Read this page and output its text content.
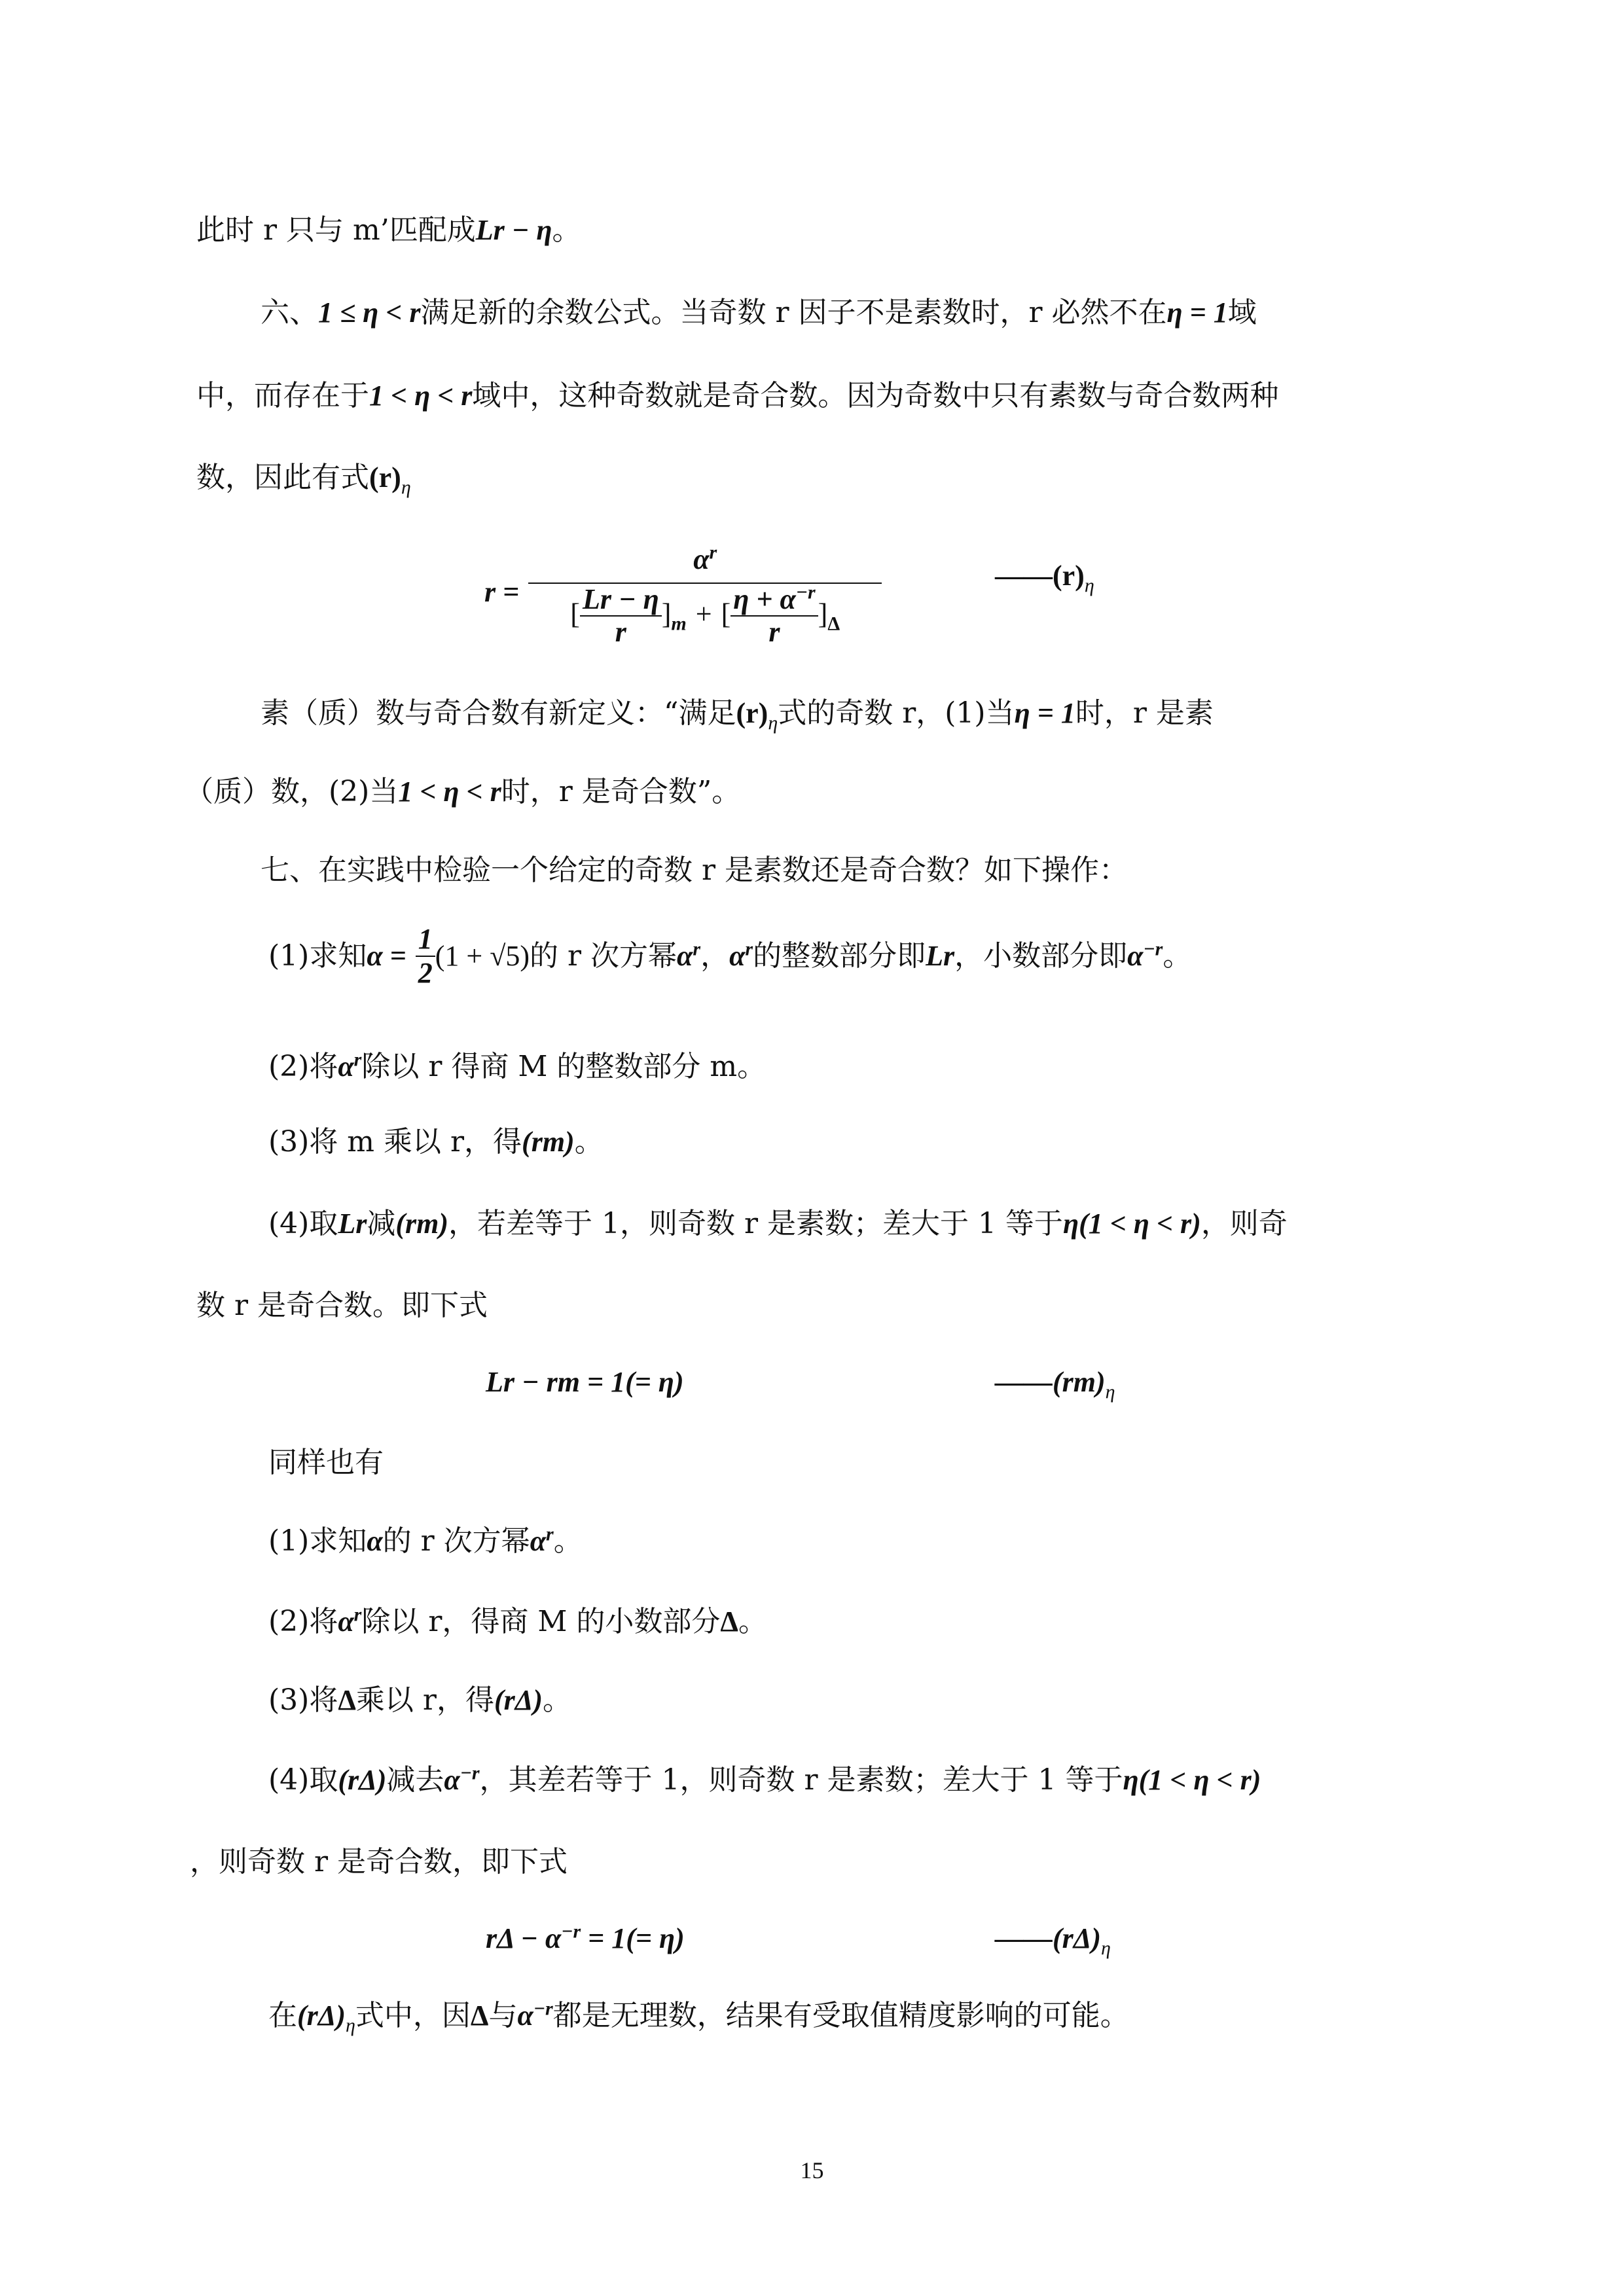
此时 r 只与 m’匹配成Lr − η。
六、1 ≤ η < r满足新的余数公式。当奇数 r 因子不是素数时，r 必然不在η = 1域
中，而存在于1 < η < r域中，这种奇数就是奇合数。因为奇数中只有素数与奇合数两种
数，因此有式$(r)_\eta$
$r = \frac{\alpha^r}{[ \frac{Lr - \eta}{r} ]_m + [ \frac{\eta + \alpha^{-r}}{r} ]_\Delta}$	$——(r)_\eta$
素（质）数与奇合数有新定义：“满足$(r)_\eta$式的奇数 r，(1)当η = 1时，r 是素
（质）数，(2)当1 < η < r时，r 是奇合数”。
七、在实践中检验一个给定的奇数 r 是素数还是奇合数？如下操作：
(1)求知$\alpha = \frac{1}{2} (1 + √5)$的 r 次方幂$\alpha^r$，$\alpha^r$的整数部分即Lr，小数部分即$\alpha^{-r}$。
(2)将$\alpha^r$除以 r 得商 M 的整数部分 m。
(3)将 m 乘以 r，得(rm)。
(4)取Lr减(rm)，若差等于 1，则奇数 r 是素数；差大于 1 等于η(1 < η < r)，则奇
数 r 是奇合数。即下式
Lr − rm = 1(= η)	$——(rm)_\eta$
同样也有
(1)求知α的 r 次方幂$\alpha^r$。
(2)将$\alpha^r$除以 r，得商 M 的小数部分Δ。
(3)将Δ乘以 r，得(rΔ)。
(4)取(rΔ)减去$\alpha^{-r}$，其差若等于 1，则奇数 r 是素数；差大于 1 等于η(1 < η < r)
，则奇数 r 是奇合数，即下式
$r\Delta - \alpha^{-r} = 1(= \eta)$	$——(r\Delta)_\eta$
在$(r\Delta)_\eta$式中，因Δ与$\alpha^{-r}$都是无理数，结果有受取值精度影响的可能。
15
